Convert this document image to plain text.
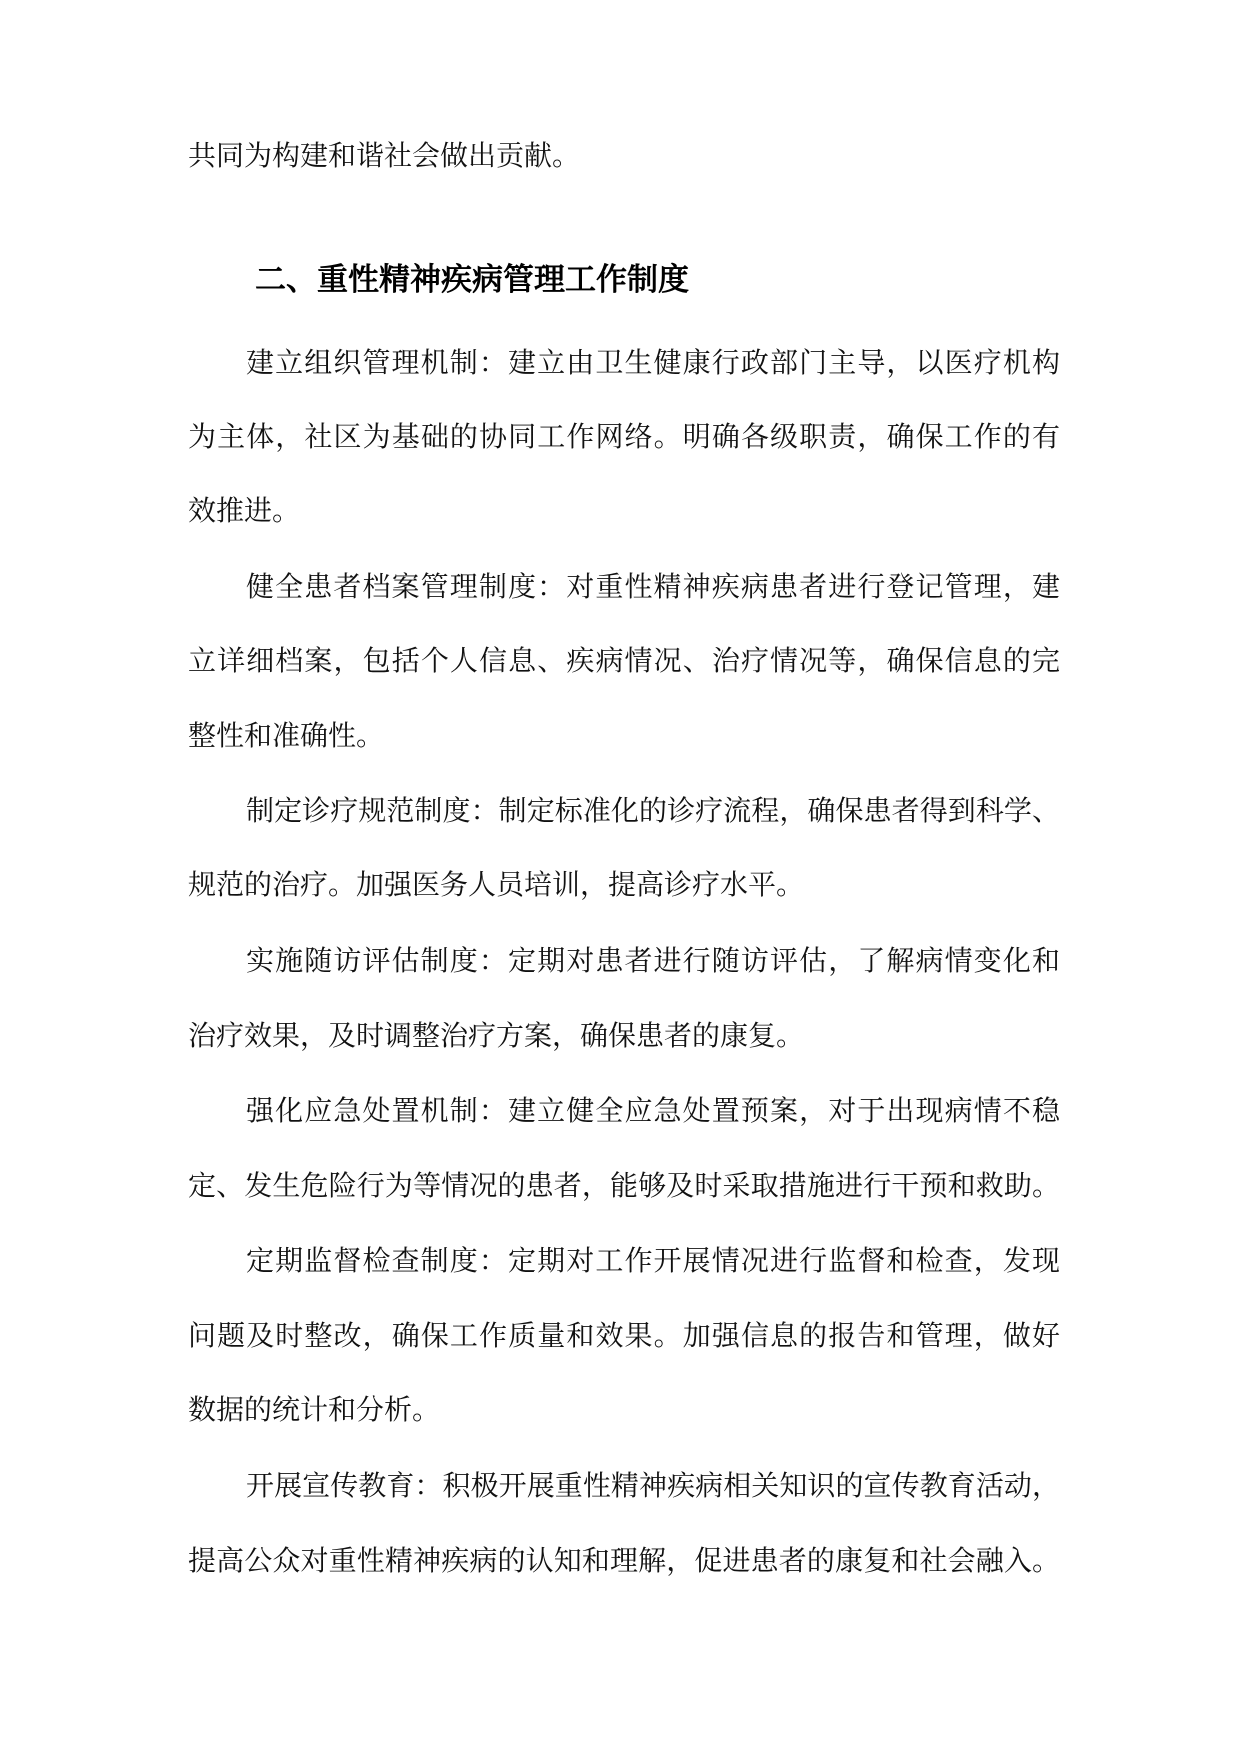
共同为构建和谐社会做出贡献。
二、重性精神疾病管理工作制度
建立组织管理机制：建立由卫生健康行政部门主导，以医疗机构
为主体，社区为基础的协同工作网络。明确各级职责，确保工作的有
效推进。
健全患者档案管理制度：对重性精神疾病患者进行登记管理，建
立详细档案，包括个人信息、疾病情况、治疗情况等，确保信息的完
整性和准确性。
制定诊疗规范制度：制定标准化的诊疗流程，确保患者得到科学、
规范的治疗。加强医务人员培训，提高诊疗水平。
实施随访评估制度：定期对患者进行随访评估，了解病情变化和
治疗效果，及时调整治疗方案，确保患者的康复。
强化应急处置机制：建立健全应急处置预案，对于出现病情不稳
定、发生危险行为等情况的患者，能够及时采取措施进行干预和救助。
定期监督检查制度：定期对工作开展情况进行监督和检查，发现
问题及时整改，确保工作质量和效果。加强信息的报告和管理，做好
数据的统计和分析。
开展宣传教育：积极开展重性精神疾病相关知识的宣传教育活动，
提高公众对重性精神疾病的认知和理解，促进患者的康复和社会融入。
